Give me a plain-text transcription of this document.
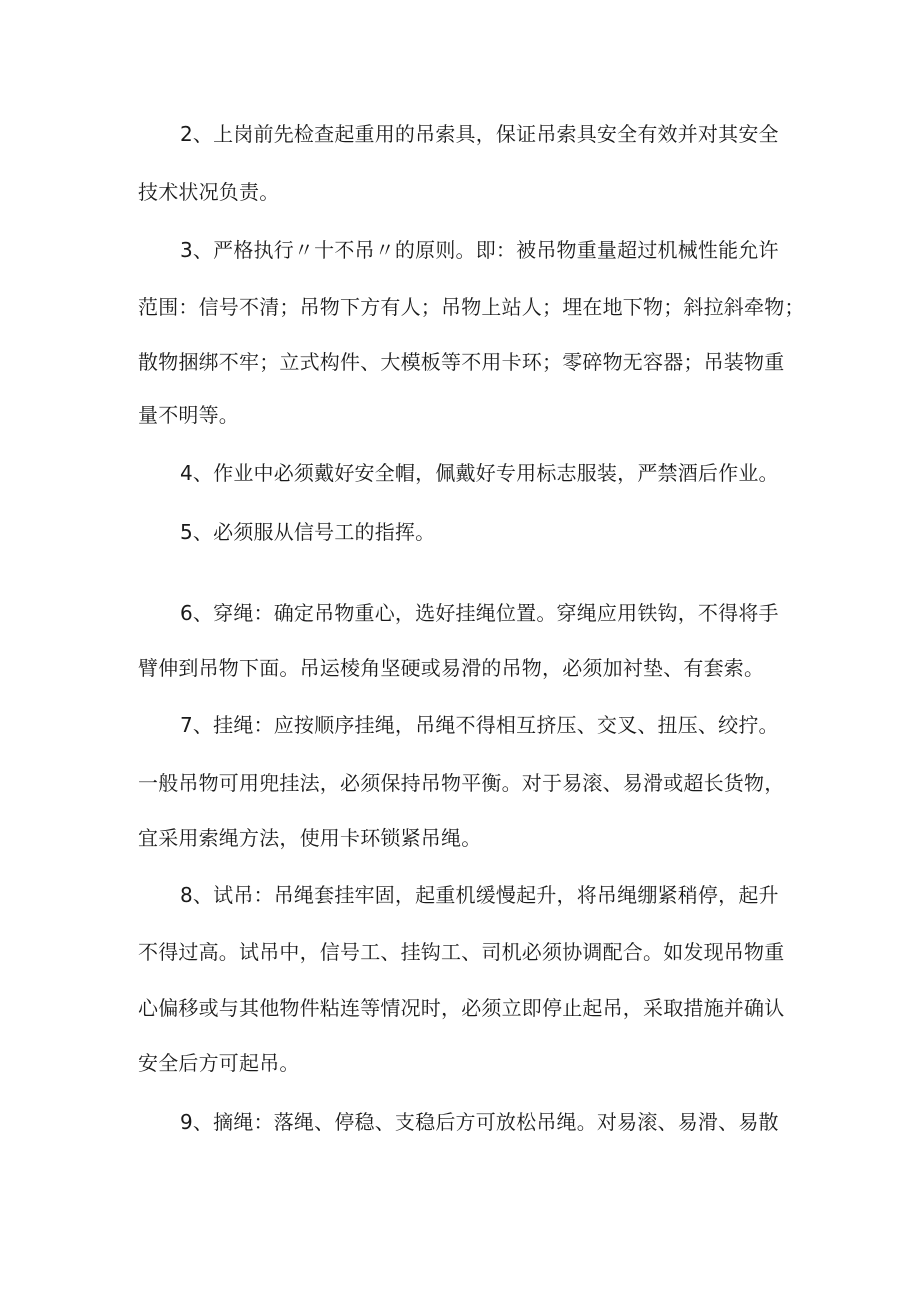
2、上岗前先检查起重用的吊索具，保证吊索具安全有效并对其安全
技术状况负责。
3、严格执行〃十不吊〃的原则。即：被吊物重量超过机械性能允许
范围：信号不清；吊物下方有人；吊物上站人；埋在地下物；斜拉斜牵物；
散物捆绑不牢；立式构件、大模板等不用卡环；零碎物无容器；吊装物重
量不明等。
4、作业中必须戴好安全帽，佩戴好专用标志服装，严禁酒后作业。
5、必须服从信号工的指挥。
6、穿绳：确定吊物重心，选好挂绳位置。穿绳应用铁钩，不得将手
臂伸到吊物下面。吊运棱角坚硬或易滑的吊物，必须加衬垫、有套索。
7、挂绳：应按顺序挂绳，吊绳不得相互挤压、交叉、扭压、绞拧。
一般吊物可用兜挂法，必须保持吊物平衡。对于易滚、易滑或超长货物，
宜采用索绳方法，使用卡环锁紧吊绳。
8、试吊：吊绳套挂牢固，起重机缓慢起升，将吊绳绷紧稍停，起升
不得过高。试吊中，信号工、挂钩工、司机必须协调配合。如发现吊物重
心偏移或与其他物件粘连等情况时，必须立即停止起吊，采取措施并确认
安全后方可起吊。
9、摘绳：落绳、停稳、支稳后方可放松吊绳。对易滚、易滑、易散
